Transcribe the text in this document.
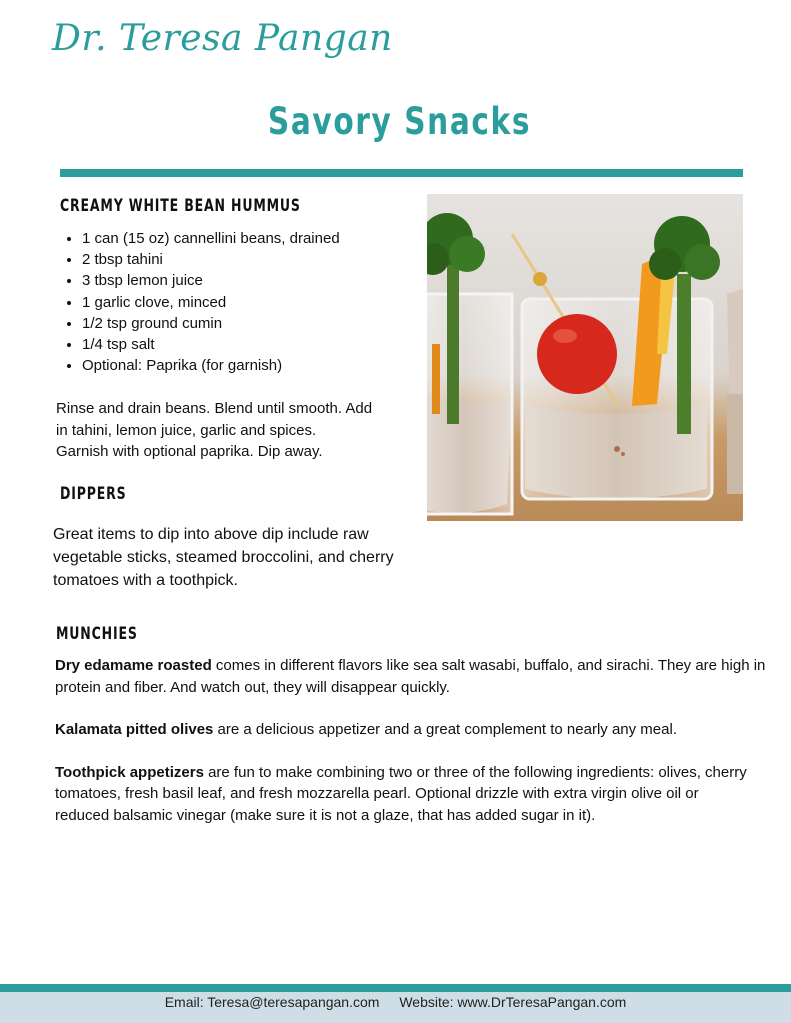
Dr. Teresa Pangan
Savory Snacks
CREAMY WHITE BEAN HUMMUS
• 1 can (15 oz) cannellini beans, drained
• 2 tbsp tahini
• 3 tbsp lemon juice
• 1 garlic clove, minced
• 1/2 tsp ground cumin
• 1/4 tsp salt
• Optional: Paprika (for garnish)
Rinse and drain beans. Blend until smooth. Add
in tahini, lemon juice, garlic and spices.
Garnish with optional paprika. Dip away.
DIPPERS
Great items to dip into above dip include raw
vegetable sticks, steamed broccolini, and cherry
tomatoes with a toothpick.
MUNCHIES

Dry edamame roasted comes in different flavors like sea salt wasabi, buffalo, and sirachi. They are high in protein and fiber. And watch out, they will disappear quickly.

Kalamata pitted olives are a delicious appetizer and a great complement to nearly any meal.

Toothpick appetizers are fun to make combining two or three of the following ingredients: olives, cherry tomatoes, fresh basil leaf, and fresh mozzarella pearl. Optional drizzle with extra virgin olive oil or reduced balsamic vinegar (make sure it is not a glaze, that has added sugar in it).

Email: Teresa@teresapangan.com Website: www.DrTeresaPangan.com
